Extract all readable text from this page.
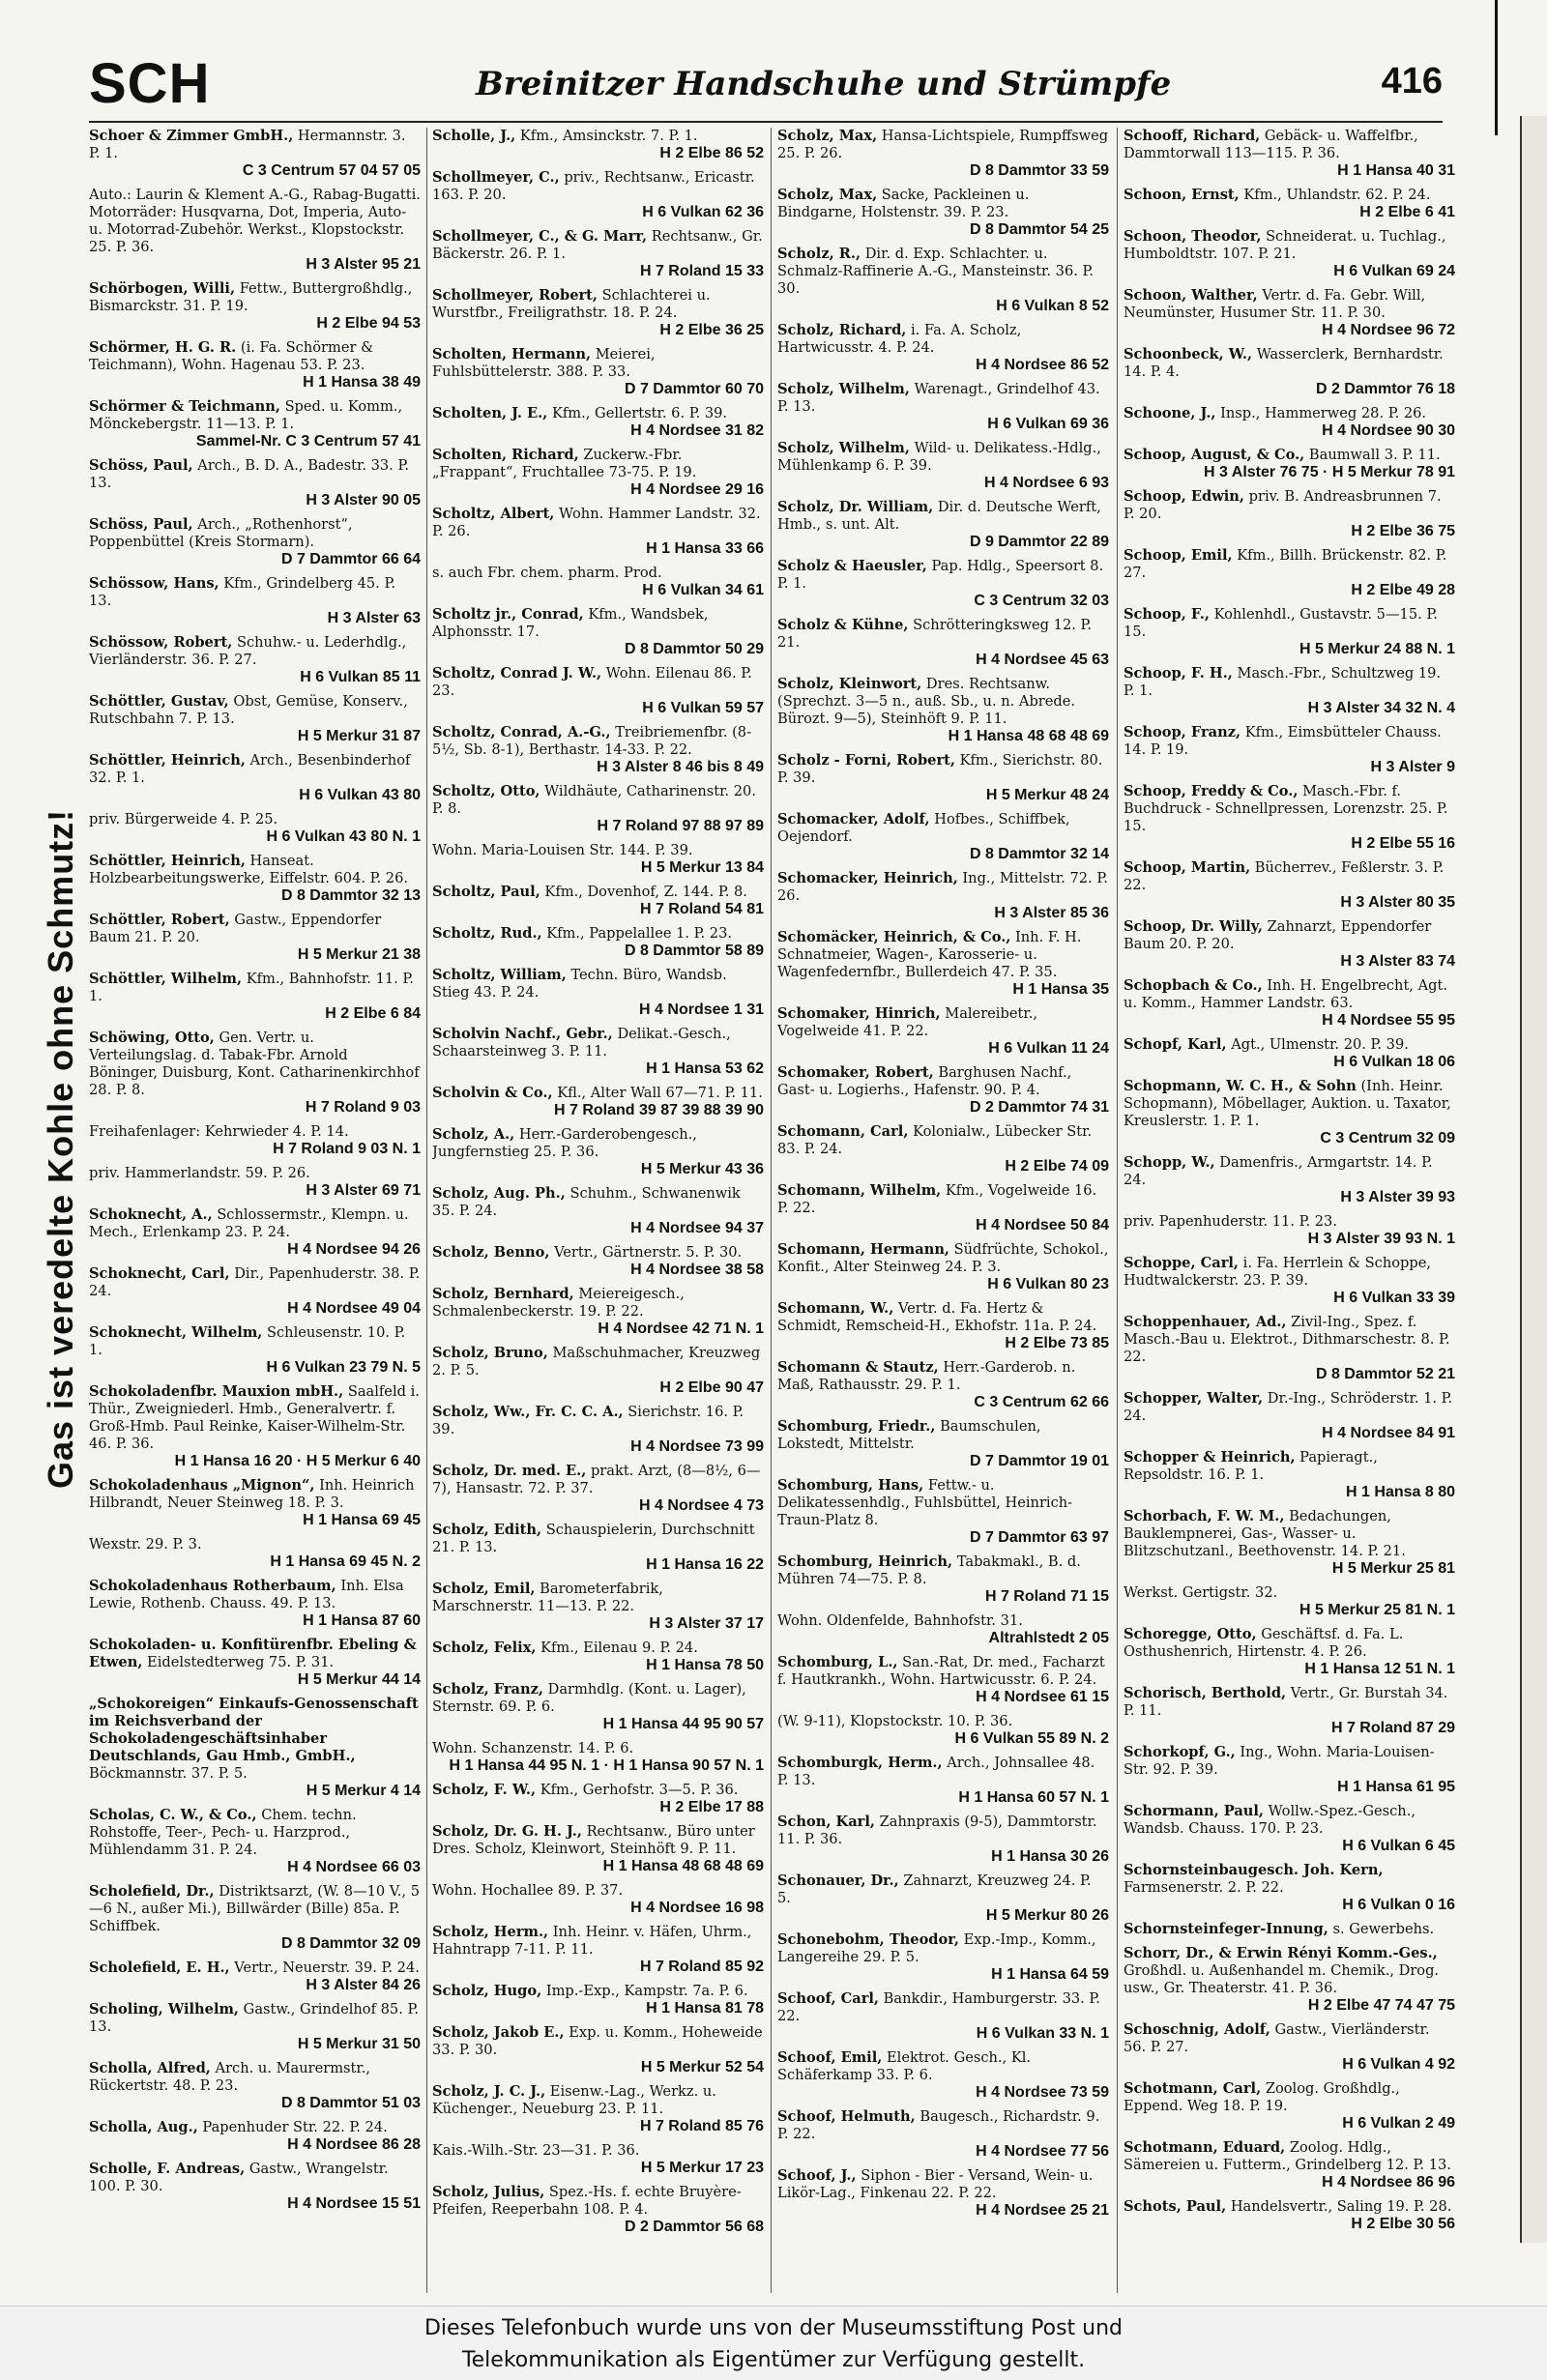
SCH	Breinitzer Handschuhe und Strümpfe	416
Gas ist veredelte Kohle ohne Schmutz!
Schoer & Zimmer GmbH., Hermannstr. 3. P. 1.
C 3 Centrum 57 04 57 05
Auto.: Laurin & Klement A.-G., Rabag-Bugatti. Motorräder: Husqvarna, Dot, Imperia, Auto- u. Motorrad-Zubehör. Werkst., Klopstockstr. 25. P. 36.
H 3 Alster 95 21
Schörbogen, Willi, Fettw., Buttergroßhdlg., Bismarckstr. 31. P. 19.
H 2 Elbe 94 53
Schörmer, H. G. R. (i. Fa. Schörmer & Teichmann), Wohn. Hagenau 53. P. 23.
H 1 Hansa 38 49
Schörmer & Teichmann, Sped. u. Komm., Mönckebergstr. 11—13. P. 1.
Sammel-Nr. C 3 Centrum 57 41
Schöss, Paul, Arch., B. D. A., Badestr. 33. P. 13.
H 3 Alster 90 05
Schöss, Paul, Arch., „Rothenhorst“, Poppenbüttel (Kreis Stormarn).
D 7 Dammtor 66 64
Schössow, Hans, Kfm., Grindelberg 45. P. 13.
H 3 Alster 63
Schössow, Robert, Schuhw.- u. Lederhdlg., Vierländerstr. 36. P. 27.
H 6 Vulkan 85 11
Schöttler, Gustav, Obst, Gemüse, Konserv., Rutschbahn 7. P. 13.
H 5 Merkur 31 87
Schöttler, Heinrich, Arch., Besenbinderhof 32. P. 1.
H 6 Vulkan 43 80
priv. Bürgerweide 4. P. 25.
H 6 Vulkan 43 80 N. 1
Schöttler, Heinrich, Hanseat. Holzbearbeitungswerke, Eiffelstr. 604. P. 26.
D 8 Dammtor 32 13
Schöttler, Robert, Gastw., Eppendorfer Baum 21. P. 20.
H 5 Merkur 21 38
Schöttler, Wilhelm, Kfm., Bahnhofstr. 11. P. 1.
H 2 Elbe 6 84
Schöwing, Otto, Gen. Vertr. u. Verteilungslag. d. Tabak-Fbr. Arnold Böninger, Duisburg, Kont. Catharinenkirchhof 28. P. 8.
H 7 Roland 9 03
Freihafenlager: Kehrwieder 4. P. 14.
H 7 Roland 9 03 N. 1
priv. Hammerlandstr. 59. P. 26.
H 3 Alster 69 71
Schoknecht, A., Schlossermstr., Klempn. u. Mech., Erlenkamp 23. P. 24.
H 4 Nordsee 94 26
Schoknecht, Carl, Dir., Papenhuderstr. 38. P. 24.
H 4 Nordsee 49 04
Schoknecht, Wilhelm, Schleusenstr. 10. P. 1.
H 6 Vulkan 23 79 N. 5
Schokoladenfbr. Mauxion mbH., Saalfeld i. Thür., Zweigniederl. Hmb., Generalvertr. f. Groß-Hmb. Paul Reinke, Kaiser-Wilhelm-Str. 46. P. 36.
H 1 Hansa 16 20 · H 5 Merkur 6 40
Schokoladenhaus „Mignon“, Inh. Heinrich Hilbrandt, Neuer Steinweg 18. P. 3.
H 1 Hansa 69 45
Wexstr. 29. P. 3.
H 1 Hansa 69 45 N. 2
Schokoladenhaus Rotherbaum, Inh. Elsa Lewie, Rothenb. Chauss. 49. P. 13.
H 1 Hansa 87 60
Schokoladen- u. Konfitürenfbr. Ebeling & Etwen, Eidelstedterweg 75. P. 31.
H 5 Merkur 44 14
„Schokoreigen“ Einkaufs-Genossenschaft im Reichsverband der Schokoladengeschäftsinhaber Deutschlands, Gau Hmb., GmbH., Böckmannstr. 37. P. 5.
H 5 Merkur 4 14
Scholas, C. W., & Co., Chem. techn. Rohstoffe, Teer-, Pech- u. Harzprod., Mühlendamm 31. P. 24.
H 4 Nordsee 66 03
Scholefield, Dr., Distriktsarzt, (W. 8—10 V., 5—6 N., außer Mi.), Billwärder (Bille) 85a. P. Schiffbek.
D 8 Dammtor 32 09
Scholefield, E. H., Vertr., Neuerstr. 39. P. 24.
H 3 Alster 84 26
Scholing, Wilhelm, Gastw., Grindelhof 85. P. 13.
H 5 Merkur 31 50
Scholla, Alfred, Arch. u. Maurermstr., Rückertstr. 48. P. 23.
D 8 Dammtor 51 03
Scholla, Aug., Papenhuder Str. 22. P. 24.
H 4 Nordsee 86 28
Scholle, F. Andreas, Gastw., Wrangelstr. 100. P. 30.
H 4 Nordsee 15 51
Scholle, J., Kfm., Amsinckstr. 7. P. 1.
H 2 Elbe 86 52
Schollmeyer, C., priv., Rechtsanw., Ericastr. 163. P. 20.
H 6 Vulkan 62 36
Schollmeyer, C., & G. Marr, Rechtsanw., Gr. Bäckerstr. 26. P. 1.
H 7 Roland 15 33
Schollmeyer, Robert, Schlachterei u. Wurstfbr., Freiligrathstr. 18. P. 24.
H 2 Elbe 36 25
Scholten, Hermann, Meierei, Fuhlsbüttelerstr. 388. P. 33.
D 7 Dammtor 60 70
Scholten, J. E., Kfm., Gellertstr. 6. P. 39.
H 4 Nordsee 31 82
Scholten, Richard, Zuckerw.-Fbr. „Frappant“, Fruchtallee 73-75. P. 19.
H 4 Nordsee 29 16
Scholtz, Albert, Wohn. Hammer Landstr. 32. P. 26.
H 1 Hansa 33 66
s. auch Fbr. chem. pharm. Prod.
H 6 Vulkan 34 61
Scholtz jr., Conrad, Kfm., Wandsbek, Alphonsstr. 17.
D 8 Dammtor 50 29
Scholtz, Conrad J. W., Wohn. Eilenau 86. P. 23.
H 6 Vulkan 59 57
Scholtz, Conrad, A.-G., Treibriemenfbr. (8-5½, Sb. 8-1), Berthastr. 14-33. P. 22.
H 3 Alster 8 46 bis 8 49
Scholtz, Otto, Wildhäute, Catharinenstr. 20. P. 8.
H 7 Roland 97 88 97 89
Wohn. Maria-Louisen Str. 144. P. 39.
H 5 Merkur 13 84
Scholtz, Paul, Kfm., Dovenhof, Z. 144. P. 8.
H 7 Roland 54 81
Scholtz, Rud., Kfm., Pappelallee 1. P. 23.
D 8 Dammtor 58 89
Scholtz, William, Techn. Büro, Wandsb. Stieg 43. P. 24.
H 4 Nordsee 1 31
Scholvin Nachf., Gebr., Delikat.-Gesch., Schaarsteinweg 3. P. 11.
H 1 Hansa 53 62
Scholvin & Co., Kfl., Alter Wall 67—71. P. 11.
H 7 Roland 39 87 39 88 39 90
Scholz, A., Herr.-Garderobengesch., Jungfernstieg 25. P. 36.
H 5 Merkur 43 36
Scholz, Aug. Ph., Schuhm., Schwanenwik 35. P. 24.
H 4 Nordsee 94 37
Scholz, Benno, Vertr., Gärtnerstr. 5. P. 30.
H 4 Nordsee 38 58
Scholz, Bernhard, Meiereigesch., Schmalenbeckerstr. 19. P. 22.
H 4 Nordsee 42 71 N. 1
Scholz, Bruno, Maßschuhmacher, Kreuzweg 2. P. 5.
H 2 Elbe 90 47
Scholz, Ww., Fr. C. C. A., Sierichstr. 16. P. 39.
H 4 Nordsee 73 99
Scholz, Dr. med. E., prakt. Arzt, (8—8½, 6—7), Hansastr. 72. P. 37.
H 4 Nordsee 4 73
Scholz, Edith, Schauspielerin, Durchschnitt 21. P. 13.
H 1 Hansa 16 22
Scholz, Emil, Barometerfabrik, Marschnerstr. 11—13. P. 22.
H 3 Alster 37 17
Scholz, Felix, Kfm., Eilenau 9. P. 24.
H 1 Hansa 78 50
Scholz, Franz, Darmhdlg. (Kont. u. Lager), Sternstr. 69. P. 6.
H 1 Hansa 44 95 90 57
Wohn. Schanzenstr. 14. P. 6.
H 1 Hansa 44 95 N. 1 · H 1 Hansa 90 57 N. 1
Scholz, F. W., Kfm., Gerhofstr. 3—5. P. 36.
H 2 Elbe 17 88
Scholz, Dr. G. H. J., Rechtsanw., Büro unter Dres. Scholz, Kleinwort, Steinhöft 9. P. 11.
H 1 Hansa 48 68 48 69
Wohn. Hochallee 89. P. 37.
H 4 Nordsee 16 98
Scholz, Herm., Inh. Heinr. v. Häfen, Uhrm., Hahntrapp 7-11. P. 11.
H 7 Roland 85 92
Scholz, Hugo, Imp.-Exp., Kampstr. 7a. P. 6.
H 1 Hansa 81 78
Scholz, Jakob E., Exp. u. Komm., Hoheweide 33. P. 30.
H 5 Merkur 52 54
Scholz, J. C. J., Eisenw.-Lag., Werkz. u. Küchenger., Neueburg 23. P. 11.
H 7 Roland 85 76
Kais.-Wilh.-Str. 23—31. P. 36.
H 5 Merkur 17 23
Scholz, Julius, Spez.-Hs. f. echte Bruyère-Pfeifen, Reeperbahn 108. P. 4.
D 2 Dammtor 56 68
Scholz, Max, Hansa-Lichtspiele, Rumpffsweg 25. P. 26.
D 8 Dammtor 33 59
Scholz, Max, Sacke, Packleinen u. Bindgarne, Holstenstr. 39. P. 23.
D 8 Dammtor 54 25
Scholz, R., Dir. d. Exp. Schlachter. u. Schmalz-Raffinerie A.-G., Mansteinstr. 36. P. 30.
H 6 Vulkan 8 52
Scholz, Richard, i. Fa. A. Scholz, Hartwicusstr. 4. P. 24.
H 4 Nordsee 86 52
Scholz, Wilhelm, Warenagt., Grindelhof 43. P. 13.
H 6 Vulkan 69 36
Scholz, Wilhelm, Wild- u. Delikatess.-Hdlg., Mühlenkamp 6. P. 39.
H 4 Nordsee 6 93
Scholz, Dr. William, Dir. d. Deutsche Werft, Hmb., s. unt. Alt.
D 9 Dammtor 22 89
Scholz & Haeusler, Pap. Hdlg., Speersort 8. P. 1.
C 3 Centrum 32 03
Scholz & Kühne, Schrötteringksweg 12. P. 21.
H 4 Nordsee 45 63
Scholz, Kleinwort, Dres. Rechtsanw. (Sprechzt. 3—5 n., auß. Sb., u. n. Abrede. Bürozt. 9—5), Steinhöft 9. P. 11.
H 1 Hansa 48 68 48 69
Scholz - Forni, Robert, Kfm., Sierichstr. 80. P. 39.
H 5 Merkur 48 24
Schomacker, Adolf, Hofbes., Schiffbek, Oejendorf.
D 8 Dammtor 32 14
Schomacker, Heinrich, Ing., Mittelstr. 72. P. 26.
H 3 Alster 85 36
Schomäcker, Heinrich, & Co., Inh. F. H. Schnatmeier, Wagen-, Karosserie- u. Wagenfedernfbr., Bullerdeich 47. P. 35.
H 1 Hansa 35
Schomaker, Hinrich, Malereibetr., Vogelweide 41. P. 22.
H 6 Vulkan 11 24
Schomaker, Robert, Barghusen Nachf., Gast- u. Logierhs., Hafenstr. 90. P. 4.
D 2 Dammtor 74 31
Schomann, Carl, Kolonialw., Lübecker Str. 83. P. 24.
H 2 Elbe 74 09
Schomann, Wilhelm, Kfm., Vogelweide 16. P. 22.
H 4 Nordsee 50 84
Schomann, Hermann, Südfrüchte, Schokol., Konfit., Alter Steinweg 24. P. 3.
H 6 Vulkan 80 23
Schomann, W., Vertr. d. Fa. Hertz & Schmidt, Remscheid-H., Ekhofstr. 11a. P. 24.
H 2 Elbe 73 85
Schomann & Stautz, Herr.-Garderob. n. Maß, Rathausstr. 29. P. 1.
C 3 Centrum 62 66
Schomburg, Friedr., Baumschulen, Lokstedt, Mittelstr.
D 7 Dammtor 19 01
Schomburg, Hans, Fettw.- u. Delikatessenhdlg., Fuhlsbüttel, Heinrich-Traun-Platz 8.
D 7 Dammtor 63 97
Schomburg, Heinrich, Tabakmakl., B. d. Mühren 74—75. P. 8.
H 7 Roland 71 15
Wohn. Oldenfelde, Bahnhofstr. 31.
Altrahlstedt 2 05
Schomburg, L., San.-Rat, Dr. med., Facharzt f. Hautkrankh., Wohn. Hartwicusstr. 6. P. 24.
H 4 Nordsee 61 15
(W. 9-11), Klopstockstr. 10. P. 36.
H 6 Vulkan 55 89 N. 2
Schomburgk, Herm., Arch., Johnsallee 48. P. 13.
H 1 Hansa 60 57 N. 1
Schon, Karl, Zahnpraxis (9-5), Dammtorstr. 11. P. 36.
H 1 Hansa 30 26
Schonauer, Dr., Zahnarzt, Kreuzweg 24. P. 5.
H 5 Merkur 80 26
Schonebohm, Theodor, Exp.-Imp., Komm., Langereihe 29. P. 5.
H 1 Hansa 64 59
Schoof, Carl, Bankdir., Hamburgerstr. 33. P. 22.
H 6 Vulkan 33 N. 1
Schoof, Emil, Elektrot. Gesch., Kl. Schäferkamp 33. P. 6.
H 4 Nordsee 73 59
Schoof, Helmuth, Baugesch., Richardstr. 9. P. 22.
H 4 Nordsee 77 56
Schoof, J., Siphon - Bier - Versand, Wein- u. Likör-Lag., Finkenau 22. P. 22.
H 4 Nordsee 25 21
Schooff, Richard, Gebäck- u. Waffelfbr., Dammtorwall 113—115. P. 36.
H 1 Hansa 40 31
Schoon, Ernst, Kfm., Uhlandstr. 62. P. 24.
H 2 Elbe 6 41
Schoon, Theodor, Schneiderat. u. Tuchlag., Humboldtstr. 107. P. 21.
H 6 Vulkan 69 24
Schoon, Walther, Vertr. d. Fa. Gebr. Will, Neumünster, Husumer Str. 11. P. 30.
H 4 Nordsee 96 72
Schoonbeck, W., Wasserclerk, Bernhardstr. 14. P. 4.
D 2 Dammtor 76 18
Schoone, J., Insp., Hammerweg 28. P. 26.
H 4 Nordsee 90 30
Schoop, August, & Co., Baumwall 3. P. 11.
H 3 Alster 76 75 · H 5 Merkur 78 91
Schoop, Edwin, priv. B. Andreasbrunnen 7. P. 20.
H 2 Elbe 36 75
Schoop, Emil, Kfm., Billh. Brückenstr. 82. P. 27.
H 2 Elbe 49 28
Schoop, F., Kohlenhdl., Gustavstr. 5—15. P. 15.
H 5 Merkur 24 88 N. 1
Schoop, F. H., Masch.-Fbr., Schultzweg 19. P. 1.
H 3 Alster 34 32 N. 4
Schoop, Franz, Kfm., Eimsbütteler Chauss. 14. P. 19.
H 3 Alster 9
Schoop, Freddy & Co., Masch.-Fbr. f. Buchdruck - Schnellpressen, Lorenzstr. 25. P. 15.
H 2 Elbe 55 16
Schoop, Martin, Bücherrev., Feßlerstr. 3. P. 22.
H 3 Alster 80 35
Schoop, Dr. Willy, Zahnarzt, Eppendorfer Baum 20. P. 20.
H 3 Alster 83 74
Schopbach & Co., Inh. H. Engelbrecht, Agt. u. Komm., Hammer Landstr. 63.
H 4 Nordsee 55 95
Schopf, Karl, Agt., Ulmenstr. 20. P. 39.
H 6 Vulkan 18 06
Schopmann, W. C. H., & Sohn (Inh. Heinr. Schopmann), Möbellager, Auktion. u. Taxator, Kreuslerstr. 1. P. 1.
C 3 Centrum 32 09
Schopp, W., Damenfris., Armgartstr. 14. P. 24.
H 3 Alster 39 93
priv. Papenhuderstr. 11. P. 23.
H 3 Alster 39 93 N. 1
Schoppe, Carl, i. Fa. Herrlein & Schoppe, Hudtwalckerstr. 23. P. 39.
H 6 Vulkan 33 39
Schoppenhauer, Ad., Zivil-Ing., Spez. f. Masch.-Bau u. Elektrot., Dithmarschestr. 8. P. 22.
D 8 Dammtor 52 21
Schopper, Walter, Dr.-Ing., Schröderstr. 1. P. 24.
H 4 Nordsee 84 91
Schopper & Heinrich, Papieragt., Repsoldstr. 16. P. 1.
H 1 Hansa 8 80
Schorbach, F. W. M., Bedachungen, Bauklempnerei, Gas-, Wasser- u. Blitzschutzanl., Beethovenstr. 14. P. 21.
H 5 Merkur 25 81
Werkst. Gertigstr. 32.
H 5 Merkur 25 81 N. 1
Schoregge, Otto, Geschäftsf. d. Fa. L. Osthushenrich, Hirtenstr. 4. P. 26.
H 1 Hansa 12 51 N. 1
Schorisch, Berthold, Vertr., Gr. Burstah 34. P. 11.
H 7 Roland 87 29
Schorkopf, G., Ing., Wohn. Maria-Louisen-Str. 92. P. 39.
H 1 Hansa 61 95
Schormann, Paul, Wollw.-Spez.-Gesch., Wandsb. Chauss. 170. P. 23.
H 6 Vulkan 6 45
Schornsteinbaugesch. Joh. Kern, Farmsenerstr. 2. P. 22.
H 6 Vulkan 0 16
Schornsteinfeger-Innung, s. Gewerbehs.
Schorr, Dr., & Erwin Rényi Komm.-Ges., Großhdl. u. Außenhandel m. Chemik., Drog. usw., Gr. Theaterstr. 41. P. 36.
H 2 Elbe 47 74 47 75
Schoschnig, Adolf, Gastw., Vierländerstr. 56. P. 27.
H 6 Vulkan 4 92
Schotmann, Carl, Zoolog. Großhdlg., Eppend. Weg 18. P. 19.
H 6 Vulkan 2 49
Schotmann, Eduard, Zoolog. Hdlg., Sämereien u. Futterm., Grindelberg 12. P. 13.
H 4 Nordsee 86 96
Schots, Paul, Handelsvertr., Saling 19. P. 28.
H 2 Elbe 30 56
Dieses Telefonbuch wurde uns von der Museumsstiftung Post und
Telekommunikation als Eigentümer zur Verfügung gestellt.
